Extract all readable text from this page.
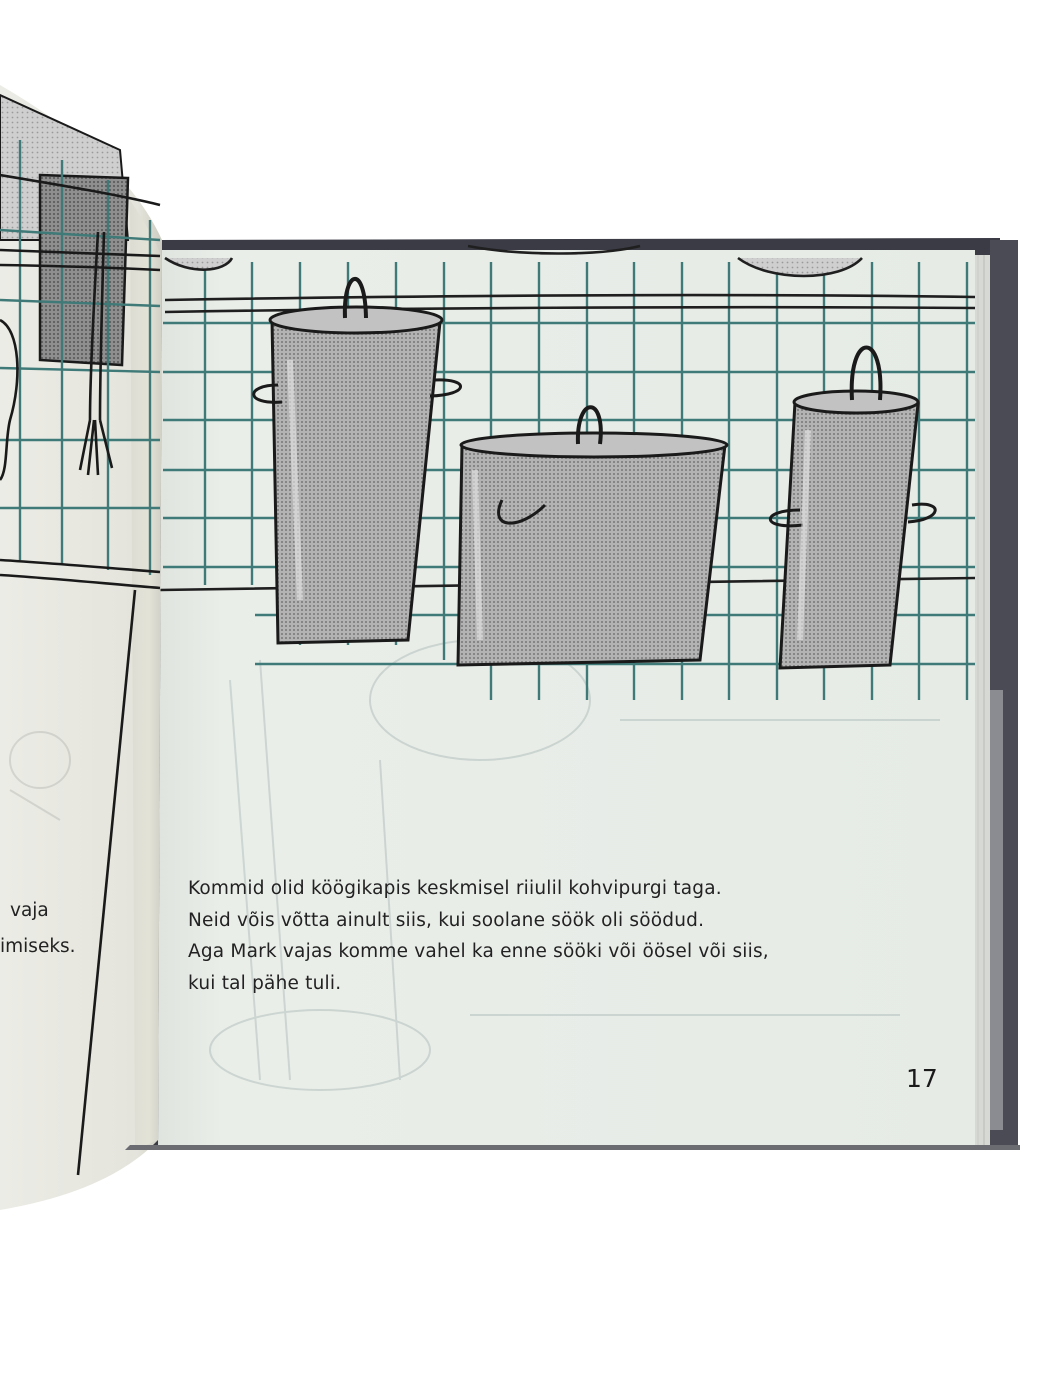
vaja
imiseks.
Kommid olid köögikapis keskmisel riiulil kohvipurgi taga.
Neid võis võtta ainult siis, kui soolane söök oli söödud.
Aga Mark vajas komme vahel ka enne sööki või öösel või siis,
kui tal pähe tuli.
17
